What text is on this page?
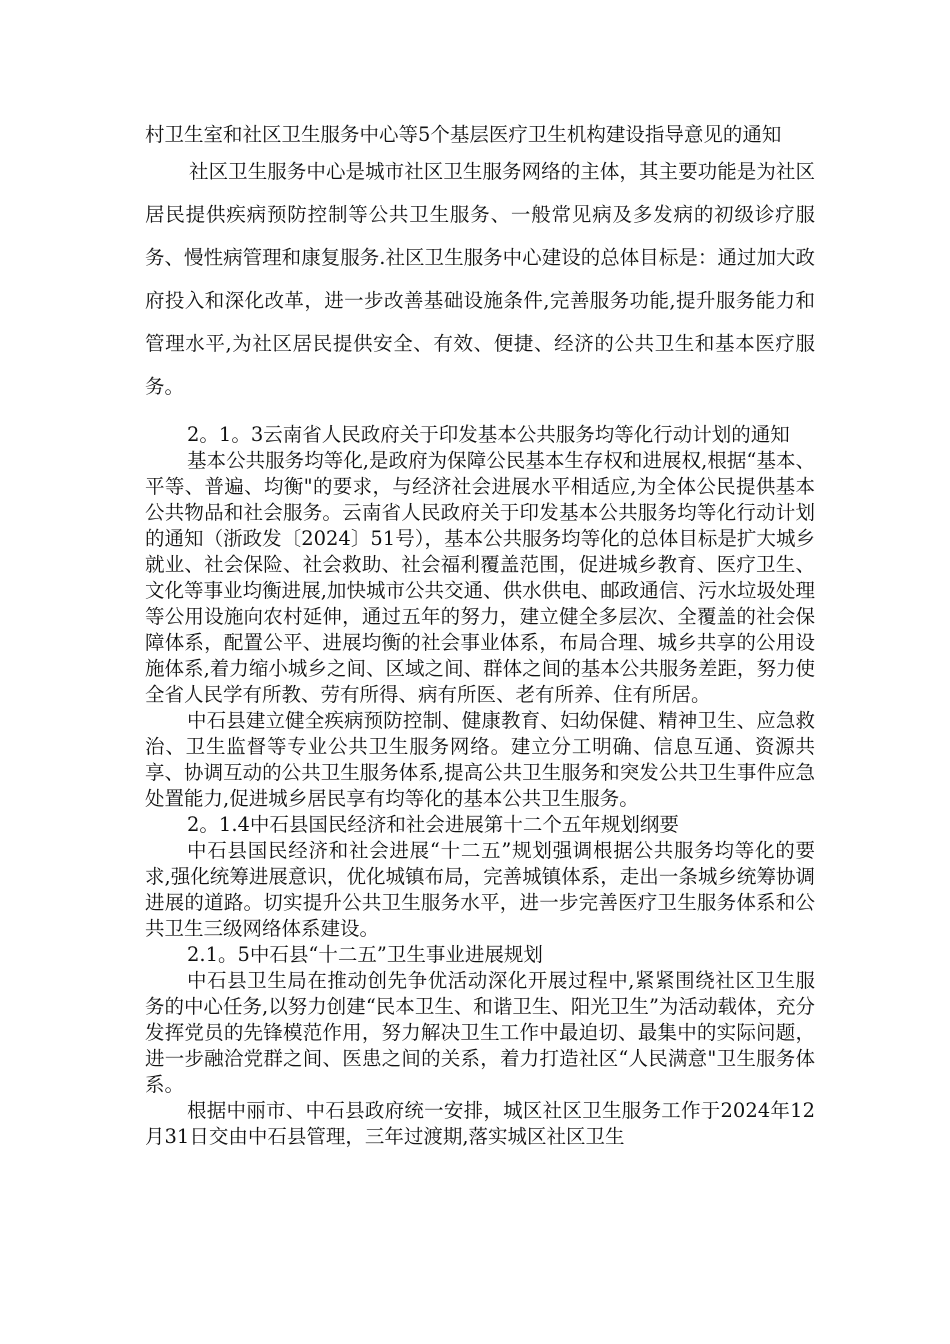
村卫生室和社区卫生服务中心等5个基层医疗卫生机构建设指导意见的通知

社区卫生服务中心是城市社区卫生服务网络的主体，其主要功能是为社区居民提供疾病预防控制等公共卫生服务、一般常见病及多发病的初级诊疗服务、慢性病管理和康复服务.社区卫生服务中心建设的总体目标是：通过加大政府投入和深化改革，进一步改善基础设施条件,完善服务功能,提升服务能力和管理水平,为社区居民提供安全、有效、便捷、经济的公共卫生和基本医疗服务。

2。1。3云南省人民政府关于印发基本公共服务均等化行动计划的通知

基本公共服务均等化,是政府为保障公民基本生存权和进展权,根据“基本、平等、普遍、均衡"的要求，与经济社会进展水平相适应,为全体公民提供基本公共物品和社会服务。云南省人民政府关于印发基本公共服务均等化行动计划的通知（浙政发〔2024〕51号），基本公共服务均等化的总体目标是扩大城乡就业、社会保险、社会救助、社会福利覆盖范围，促进城乡教育、医疗卫生、文化等事业均衡进展,加快城市公共交通、供水供电、邮政通信、污水垃圾处理等公用设施向农村延伸，通过五年的努力，建立健全多层次、全覆盖的社会保障体系，配置公平、进展均衡的社会事业体系，布局合理、城乡共享的公用设施体系,着力缩小城乡之间、区域之间、群体之间的基本公共服务差距，努力使全省人民学有所教、劳有所得、病有所医、老有所养、住有所居。

中石县建立健全疾病预防控制、健康教育、妇幼保健、精神卫生、应急救治、卫生监督等专业公共卫生服务网络。建立分工明确、信息互通、资源共享、协调互动的公共卫生服务体系,提高公共卫生服务和突发公共卫生事件应急处置能力,促进城乡居民享有均等化的基本公共卫生服务。

2。1.4中石县国民经济和社会进展第十二个五年规划纲要

中石县国民经济和社会进展“十二五”规划强调根据公共服务均等化的要求,强化统筹进展意识，优化城镇布局，完善城镇体系，走出一条城乡统筹协调进展的道路。切实提升公共卫生服务水平，进一步完善医疗卫生服务体系和公共卫生三级网络体系建设。

2.1。5中石县“十二五”卫生事业进展规划

中石县卫生局在推动创先争优活动深化开展过程中,紧紧围绕社区卫生服务的中心任务,以努力创建“民本卫生、和谐卫生、阳光卫生”为活动载体，充分发挥党员的先锋模范作用，努力解决卫生工作中最迫切、最集中的实际问题，进一步融洽党群之间、医患之间的关系，着力打造社区“人民满意"卫生服务体系。

根据中丽市、中石县政府统一安排，城区社区卫生服务工作于2024年12月31日交由中石县管理，三年过渡期,落实城区社区卫生
